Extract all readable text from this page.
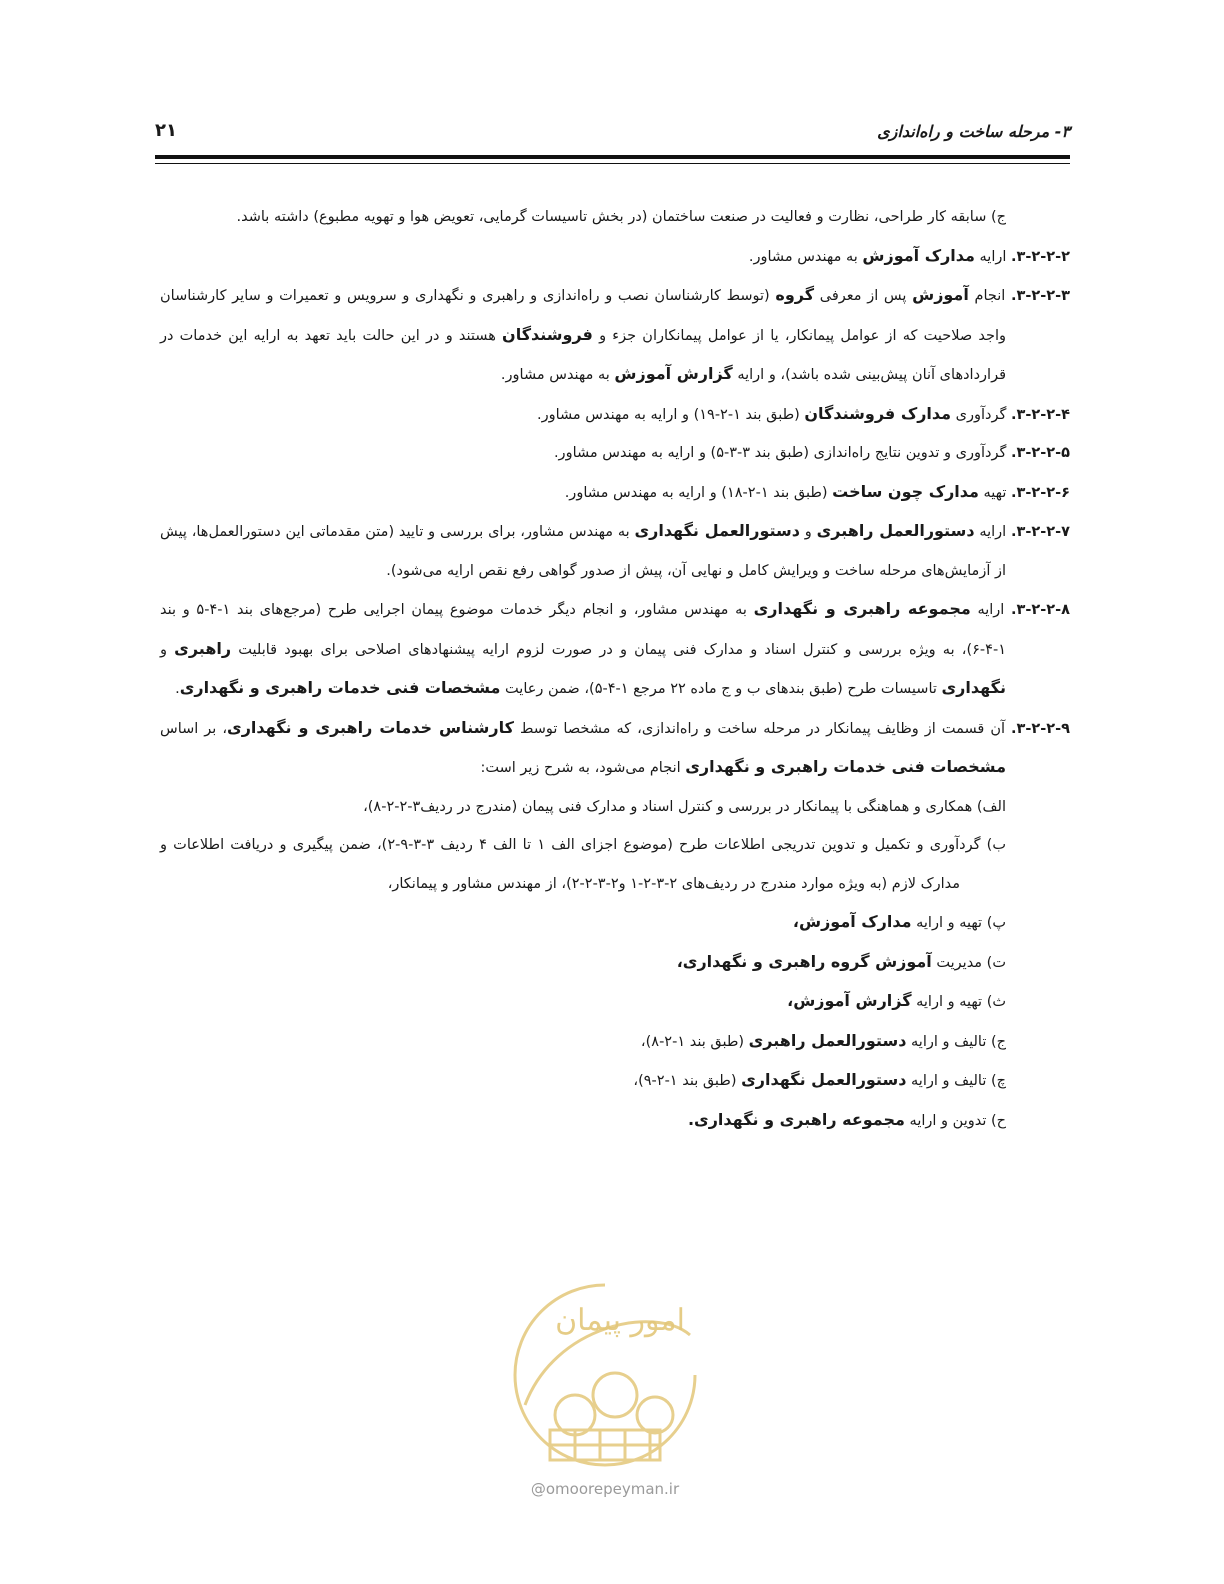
۳- مرحله ساخت و راه‌اندازی
۲۱

ج) سابقه کار طراحی، نظارت و فعالیت در صنعت ساختمان (در بخش تاسیسات گرمایی، تعویض هوا و تهویه مطبوع) داشته باشد.

۳-۲-۲-۲. ارایه مدارک آموزش به مهندس مشاور.

۳-۲-۲-۳. انجام آموزش پس از معرفی گروه (توسط کارشناسان نصب و راه‌اندازی و راهبری و نگهداری و سرویس و تعمیرات و سایر کارشناسان واجد صلاحیت که از عوامل پیمانکار، یا از عوامل پیمانکاران جزء و فروشندگان هستند و در این حالت باید تعهد به ارایه این خدمات در قراردادهای آنان پیش‌بینی شده باشد)، و ارایه گزارش آموزش به مهندس مشاور.

۳-۲-۲-۴. گردآوری مدارک فروشندگان (طبق بند ۱-۲-۱۹) و ارایه به مهندس مشاور.

۳-۲-۲-۵. گردآوری و تدوین نتایج راه‌اندازی (طبق بند ۳-۳-۵) و ارایه به مهندس مشاور.

۳-۲-۲-۶. تهیه مدارک چون ساخت (طبق بند ۱-۲-۱۸) و ارایه به مهندس مشاور.

۳-۲-۲-۷. ارایه دستورالعمل راهبری و دستورالعمل نگهداری به مهندس مشاور، برای بررسی و تایید (متن مقدماتی این دستورالعمل‌ها، پیش از آزمایش‌های مرحله ساخت و ویرایش کامل و نهایی آن، پیش از صدور گواهی رفع نقص ارایه می‌شود).

۳-۲-۲-۸. ارایه مجموعه راهبری و نگهداری به مهندس مشاور، و انجام دیگر خدمات موضوع پیمان اجرایی طرح (مرجع‌های بند ۱-۴-۵ و بند ۱-۴-۶)، به ویژه بررسی و کنترل اسناد و مدارک فنی پیمان و در صورت لزوم ارایه پیشنهادهای اصلاحی برای بهبود قابلیت راهبری و نگهداری تاسیسات طرح (طبق بندهای ب و ج ماده ۲۲ مرجع ۱-۴-۵)، ضمن رعایت مشخصات فنی خدمات راهبری و نگهداری.

۳-۲-۲-۹. آن قسمت از وظایف پیمانکار در مرحله ساخت و راه‌اندازی، که مشخصا توسط کارشناس خدمات راهبری و نگهداری، بر اساس مشخصات فنی خدمات راهبری و نگهداری انجام می‌شود، به شرح زیر است:

الف) همکاری و هماهنگی با پیمانکار در بررسی و کنترل اسناد و مدارک فنی پیمان (مندرج در ردیف۳-۲-۲-۸)،

ب) گردآوری و تکمیل و تدوین تدریجی اطلاعات طرح (موضوع اجزای الف ۱ تا الف ۴ ردیف ۳-۳-۹-۲)، ضمن پیگیری و دریافت اطلاعات و مدارک لازم (به ویژه موارد مندرج در ردیف‌های ۲-۳-۲-۱ و۲-۳-۲-۲)، از مهندس مشاور و پیمانکار،

پ) تهیه و ارایه مدارک آموزش،

ت) مدیریت آموزش گروه راهبری و نگهداری،

ث) تهیه و ارایه گزارش آموزش،

ج) تالیف و ارایه دستورالعمل راهبری (طبق بند ۱-۲-۸)،

چ) تالیف و ارایه دستورالعمل نگهداری (طبق بند ۱-۲-۹)،

ح) تدوین و ارایه مجموعه راهبری و نگهداری.

امور پیمان
@omoorepeyman.ir
